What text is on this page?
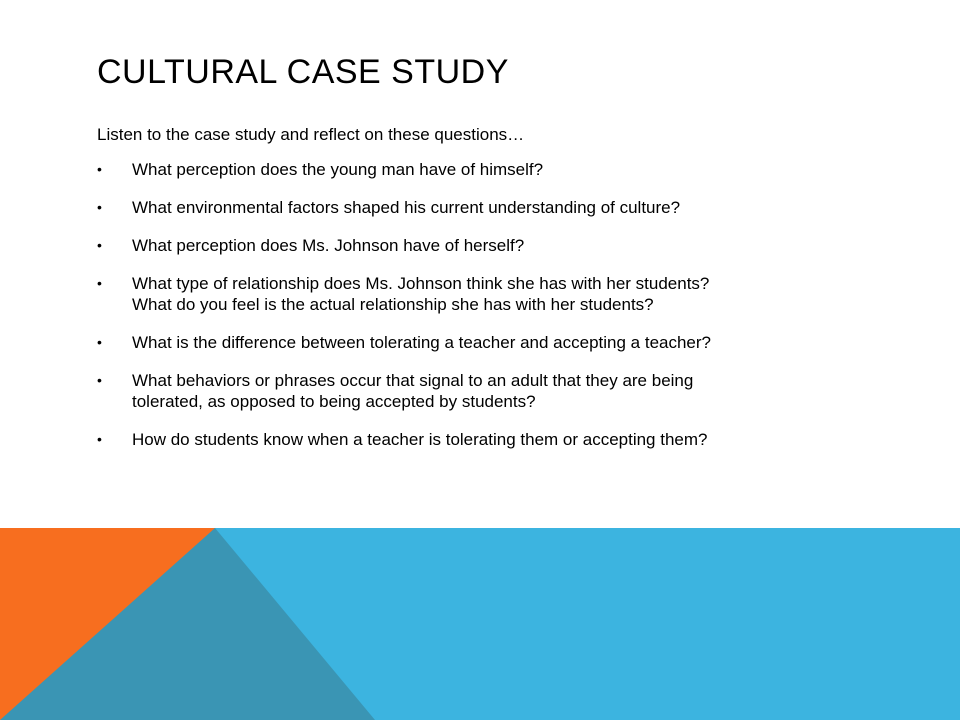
CULTURAL CASE STUDY

Listen to the case study and reflect on these questions…

• What perception does the young man have of himself?
• What environmental factors shaped his current understanding of culture?
• What perception does Ms. Johnson have of herself?
• What type of relationship does Ms. Johnson think she has with her students?
What do you feel is the actual relationship she has with her students?
• What is the difference between tolerating a teacher and accepting a teacher?
• What behaviors or phrases occur that signal to an adult that they are being
tolerated, as opposed to being accepted by students?
• How do students know when a teacher is tolerating them or accepting them?
